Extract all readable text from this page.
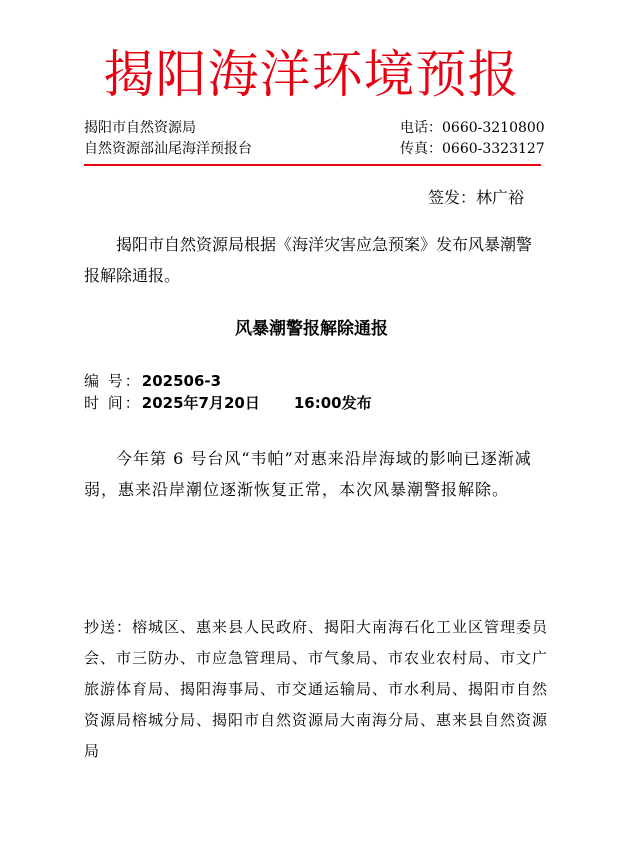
揭阳海洋环境预报
揭阳市自然资源局
自然资源部汕尾海洋预报台
电话：0660-3210800
传真：0660-3323127
签发：林广裕
揭阳市自然资源局根据《海洋灾害应急预案》发布风暴潮警报解除通报。
风暴潮警报解除通报
编 号：202506-3
时 间：2025年7月20日 16:00发布
今年第 6 号台风“韦帕”对惠来沿岸海域的影响已逐渐减弱，惠来沿岸潮位逐渐恢复正常，本次风暴潮警报解除。
抄送：榕城区、惠来县人民政府、揭阳大南海石化工业区管理委员会、市三防办、市应急管理局、市气象局、市农业农村局、市文广旅游体育局、揭阳海事局、市交通运输局、市水利局、揭阳市自然资源局榕城分局、揭阳市自然资源局大南海分局、惠来县自然资源局
